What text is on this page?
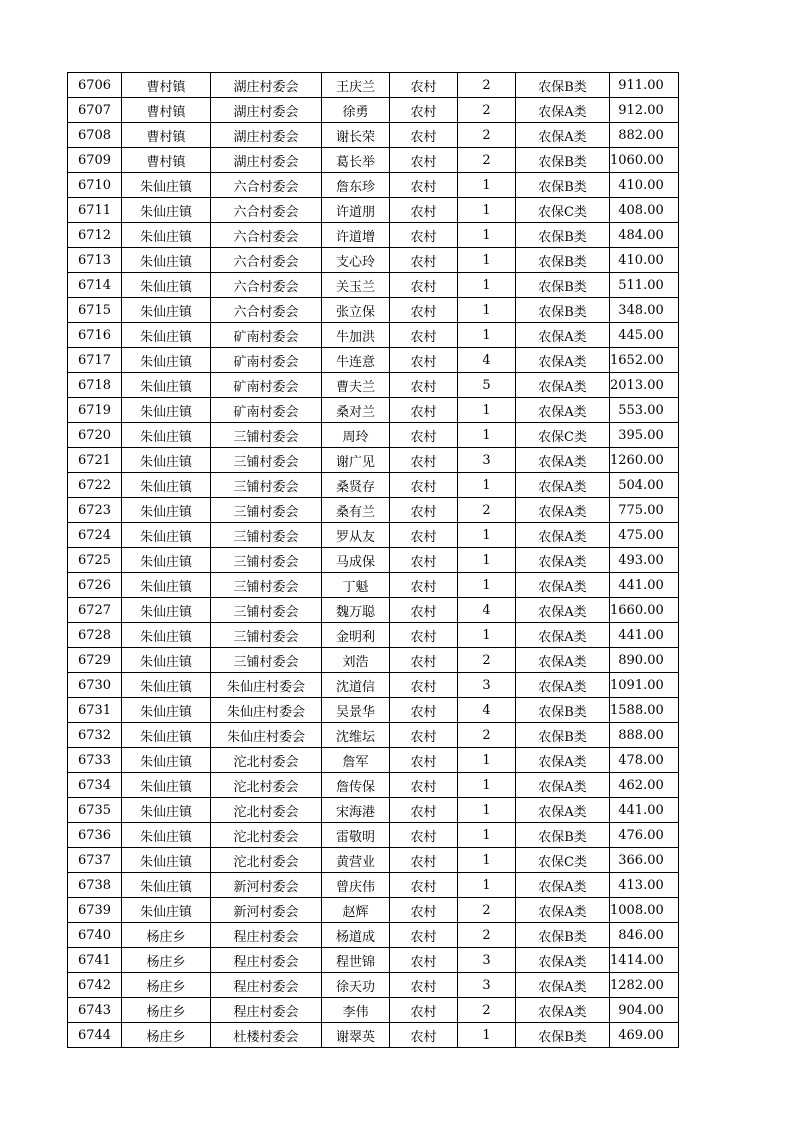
6706	曹村镇	湖庄村委会	王庆兰	农村	2	农保B类	911.00
6707	曹村镇	湖庄村委会	徐勇	农村	2	农保A类	912.00
6708	曹村镇	湖庄村委会	谢长荣	农村	2	农保A类	882.00
6709	曹村镇	湖庄村委会	葛长举	农村	2	农保B类	1060.00
6710	朱仙庄镇	六合村委会	詹东珍	农村	1	农保B类	410.00
6711	朱仙庄镇	六合村委会	许道朋	农村	1	农保C类	408.00
6712	朱仙庄镇	六合村委会	许道增	农村	1	农保B类	484.00
6713	朱仙庄镇	六合村委会	支心玲	农村	1	农保B类	410.00
6714	朱仙庄镇	六合村委会	关玉兰	农村	1	农保B类	511.00
6715	朱仙庄镇	六合村委会	张立保	农村	1	农保B类	348.00
6716	朱仙庄镇	矿南村委会	牛加洪	农村	1	农保A类	445.00
6717	朱仙庄镇	矿南村委会	牛连意	农村	4	农保A类	1652.00
6718	朱仙庄镇	矿南村委会	曹夫兰	农村	5	农保A类	2013.00
6719	朱仙庄镇	矿南村委会	桑对兰	农村	1	农保A类	553.00
6720	朱仙庄镇	三铺村委会	周玲	农村	1	农保C类	395.00
6721	朱仙庄镇	三铺村委会	谢广见	农村	3	农保A类	1260.00
6722	朱仙庄镇	三铺村委会	桑贤存	农村	1	农保A类	504.00
6723	朱仙庄镇	三铺村委会	桑有兰	农村	2	农保A类	775.00
6724	朱仙庄镇	三铺村委会	罗从友	农村	1	农保A类	475.00
6725	朱仙庄镇	三铺村委会	马成保	农村	1	农保A类	493.00
6726	朱仙庄镇	三铺村委会	丁魁	农村	1	农保A类	441.00
6727	朱仙庄镇	三铺村委会	魏万聪	农村	4	农保A类	1660.00
6728	朱仙庄镇	三铺村委会	金明利	农村	1	农保A类	441.00
6729	朱仙庄镇	三铺村委会	刘浩	农村	2	农保A类	890.00
6730	朱仙庄镇	朱仙庄村委会	沈道信	农村	3	农保A类	1091.00
6731	朱仙庄镇	朱仙庄村委会	吴景华	农村	4	农保B类	1588.00
6732	朱仙庄镇	朱仙庄村委会	沈维坛	农村	2	农保B类	888.00
6733	朱仙庄镇	沱北村委会	詹军	农村	1	农保A类	478.00
6734	朱仙庄镇	沱北村委会	詹传保	农村	1	农保A类	462.00
6735	朱仙庄镇	沱北村委会	宋海港	农村	1	农保A类	441.00
6736	朱仙庄镇	沱北村委会	雷敬明	农村	1	农保B类	476.00
6737	朱仙庄镇	沱北村委会	黄营业	农村	1	农保C类	366.00
6738	朱仙庄镇	新河村委会	曾庆伟	农村	1	农保A类	413.00
6739	朱仙庄镇	新河村委会	赵辉	农村	2	农保A类	1008.00
6740	杨庄乡	程庄村委会	杨道成	农村	2	农保B类	846.00
6741	杨庄乡	程庄村委会	程世锦	农村	3	农保A类	1414.00
6742	杨庄乡	程庄村委会	徐天功	农村	3	农保A类	1282.00
6743	杨庄乡	程庄村委会	李伟	农村	2	农保A类	904.00
6744	杨庄乡	杜楼村委会	谢翠英	农村	1	农保B类	469.00
